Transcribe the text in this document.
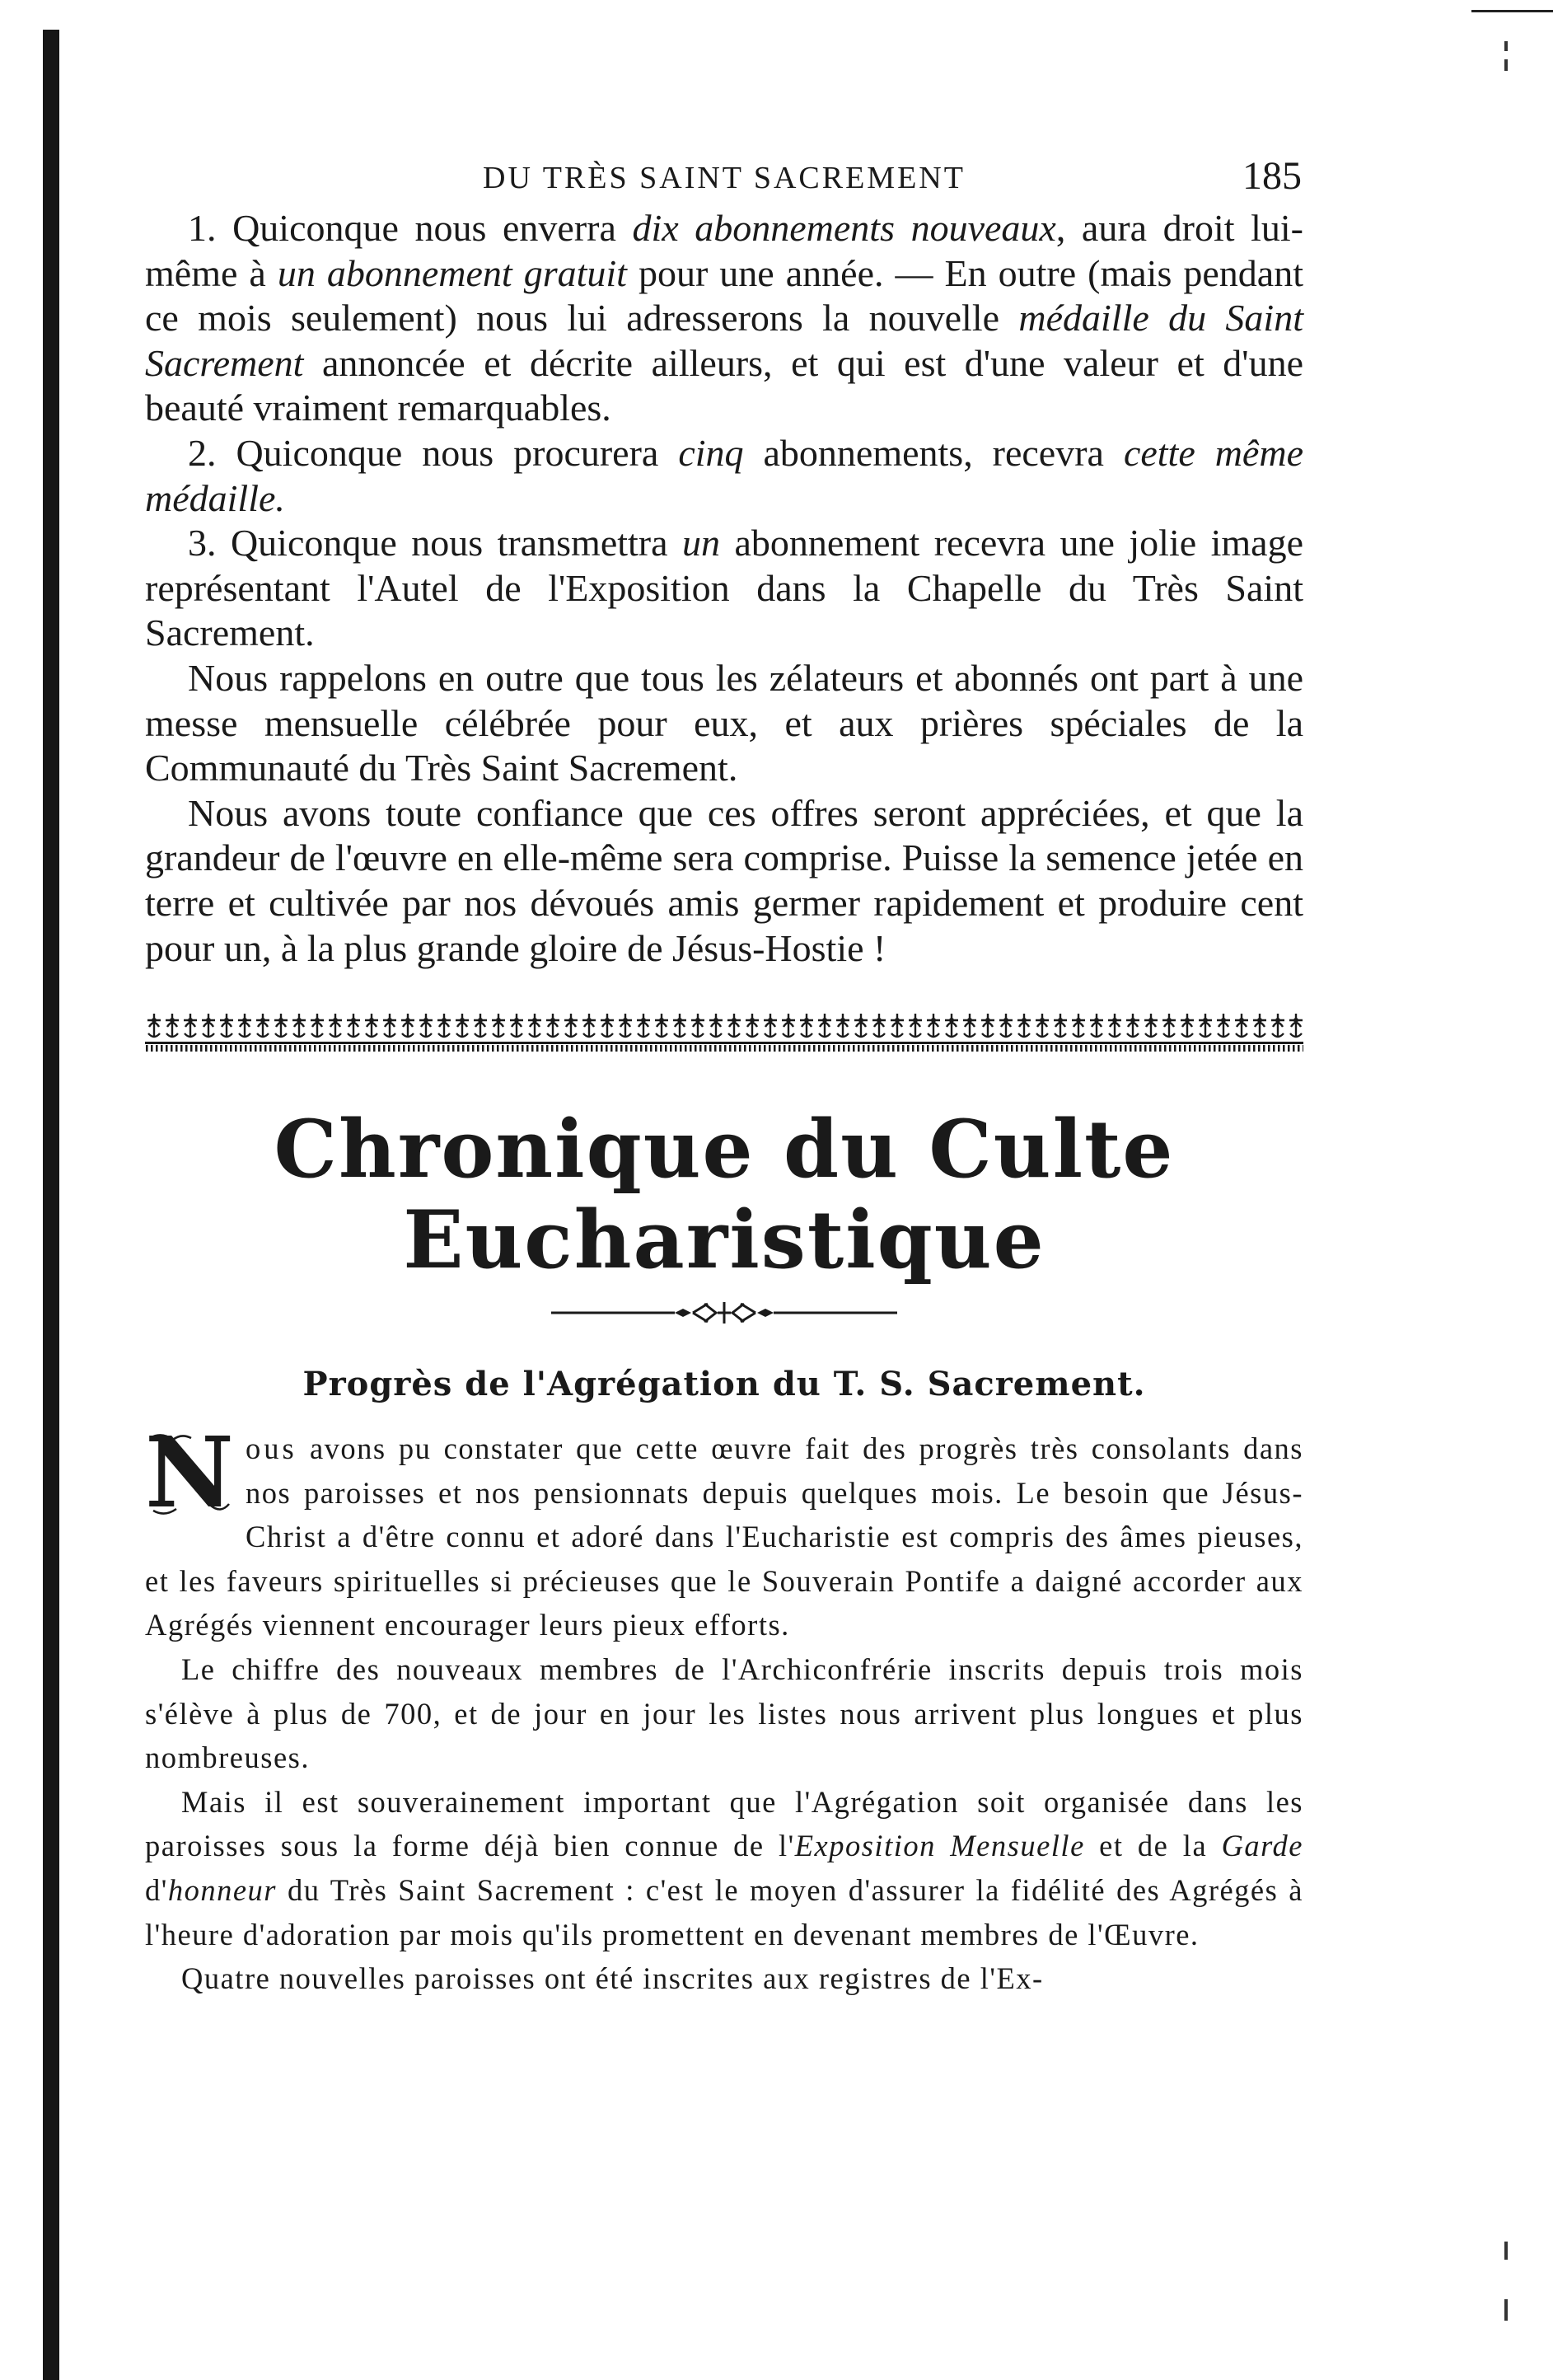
DU TRÈS SAINT SACREMENT	185

1. Quiconque nous enverra dix abonnements nouveaux, aura droit lui-même à un abonnement gratuit pour une année. — En outre (mais pendant ce mois seulement) nous lui adresserons la nouvelle médaille du Saint Sacrement annoncée et décrite ailleurs, et qui est d'une valeur et d'une beauté vraiment remarquables.

2. Quiconque nous procurera cinq abonnements, recevra cette même médaille.

3. Quiconque nous transmettra un abonnement recevra une jolie image représentant l'Autel de l'Exposition dans la Chapelle du Très Saint Sacrement.

Nous rappelons en outre que tous les zélateurs et abonnés ont part à une messe mensuelle célébrée pour eux, et aux prières spéciales de la Communauté du Très Saint Sacrement.

Nous avons toute confiance que ces offres seront appréciées, et que la grandeur de l'œuvre en elle-même sera comprise. Puisse la semence jetée en terre et cultivée par nos dévoués amis germer rapidement et produire cent pour un, à la plus grande gloire de Jésus-Hostie !

Chronique du Culte Eucharistique
Progrès de l'Agrégation du T. S. Sacrement.

N ous avons pu constater que cette œuvre fait des progrès très consolants dans nos paroisses et nos pensionnats depuis quelques mois. Le besoin que Jésus-Christ a d'être connu et adoré dans l'Eucharistie est compris des âmes pieuses, et les faveurs spirituelles si précieuses que le Souverain Pontife a daigné accorder aux Agrégés viennent encourager leurs pieux efforts.

Le chiffre des nouveaux membres de l'Archiconfrérie inscrits depuis trois mois s'élève à plus de 700, et de jour en jour les listes nous arrivent plus longues et plus nombreuses.

Mais il est souverainement important que l'Agrégation soit organisée dans les paroisses sous la forme déjà bien connue de l'Exposition Mensuelle et de la Garde d'honneur du Très Saint Sacrement : c'est le moyen d'assurer la fidélité des Agrégés à l'heure d'adoration par mois qu'ils promettent en devenant membres de l'Œuvre.

Quatre nouvelles paroisses ont été inscrites aux registres de l'Ex-
